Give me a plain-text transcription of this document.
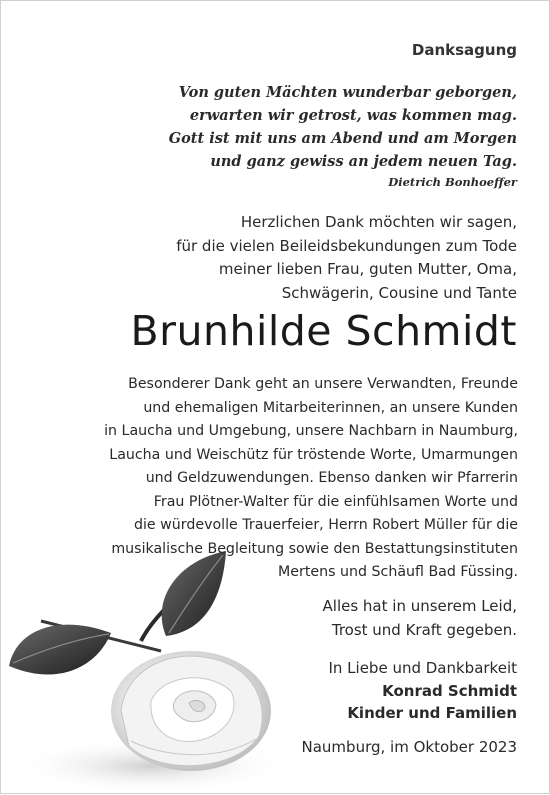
Danksagung
Von guten Mächten wunderbar geborgen,
erwarten wir getrost, was kommen mag.
Gott ist mit uns am Abend und am Morgen
und ganz gewiss an jedem neuen Tag.
Dietrich Bonhoeffer
Herzlichen Dank möchten wir sagen,
für die vielen Beileidsbekundungen zum Tode
meiner lieben Frau, guten Mutter, Oma,
Schwägerin, Cousine und Tante
Brunhilde Schmidt
Besonderer Dank geht an unsere Verwandten, Freunde
und ehemaligen Mitarbeiterinnen, an unsere Kunden
in Laucha und Umgebung, unsere Nachbarn in Naumburg,
Laucha und Weischütz für tröstende Worte, Umarmungen
und Geldzuwendungen. Ebenso danken wir Pfarrerin
Frau Plötner-Walter für die einfühlsamen Worte und
die würdevolle Trauerfeier, Herrn Robert Müller für die
musikalische Begleitung sowie den Bestattungsinstituten
Mertens und Schäufl Bad Füssing.
Alles hat in unserem Leid,
Trost und Kraft gegeben.
In Liebe und Dankbarkeit
Konrad Schmidt
Kinder und Familien
Naumburg, im Oktober 2023
